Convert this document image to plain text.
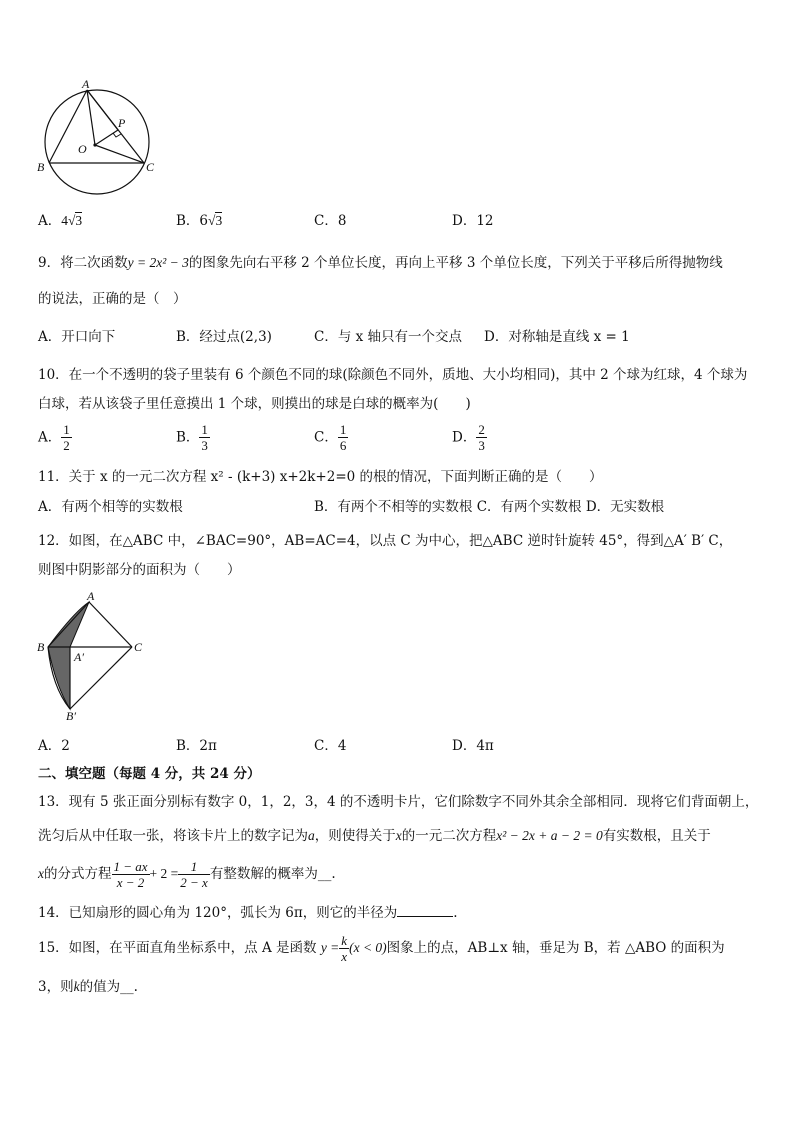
A
B	C
O
P
A．4√3	B．6√3	C．8	D．12
9．将二次函数y = 2x² − 3的图象先向右平移 2 个单位长度，再向上平移 3 个单位长度，下列关于平移后所得抛物线
的说法，正确的是（　）
A．开口向下	B．经过点(2,3)	C．与 x 轴只有一个交点 D．对称轴是直线 x = 1
10．在一个不透明的袋子里装有 6 个颜色不同的球(除颜色不同外，质地、大小均相同)，其中 2 个球为红球，4 个球为
白球，若从该袋子里任意摸出 1 个球，则摸出的球是白球的概率为(　　)
A． $\frac{1}{2}$	B． $\frac{1}{3}$	C． $\frac{1}{6}$	D． $\frac{2}{3}$
11．关于 x 的一元二次方程 x² - (k+3) x+2k+2=0 的根的情况，下面判断正确的是（　　）
A．有两个相等的实数根	B．有两个不相等的实数根 C．有两个实数根 D．无实数根
12．如图，在△ABC 中，∠BAC=90°，AB=AC=4，以点 C 为中心，把△ABC 逆时针旋转 45°，得到△A′ B′ C，
则图中阴影部分的面积为（　　）
A
B	C
A′
B′
A．2	B．2π	C．4	D．4π
二、填空题（每题 4 分，共 24 分）
13．现有 5 张正面分别标有数字 0，1，2，3，4 的不透明卡片，它们除数字不同外其余全部相同．现将它们背面朝上，
洗匀后从中任取一张，将该卡片上的数字记为a，则使得关于x的一元二次方程x² − 2x + a − 2 = 0有实数根，且关于
x的分式方程 $\frac{1 - ax}{x - 2} + 2 = \frac{1}{2 - x}$ 有整数解的概率为__.
14．已知扇形的圆心角为 120°，弧长为 6π，则它的半径为	.
15．如图，在平面直角坐标系中，点 A 是函数 $y = \frac{k}{x} (x < 0)$图象上的点，AB⊥x 轴，垂足为 B，若 △ABO 的面积为
3，则k的值为__.
